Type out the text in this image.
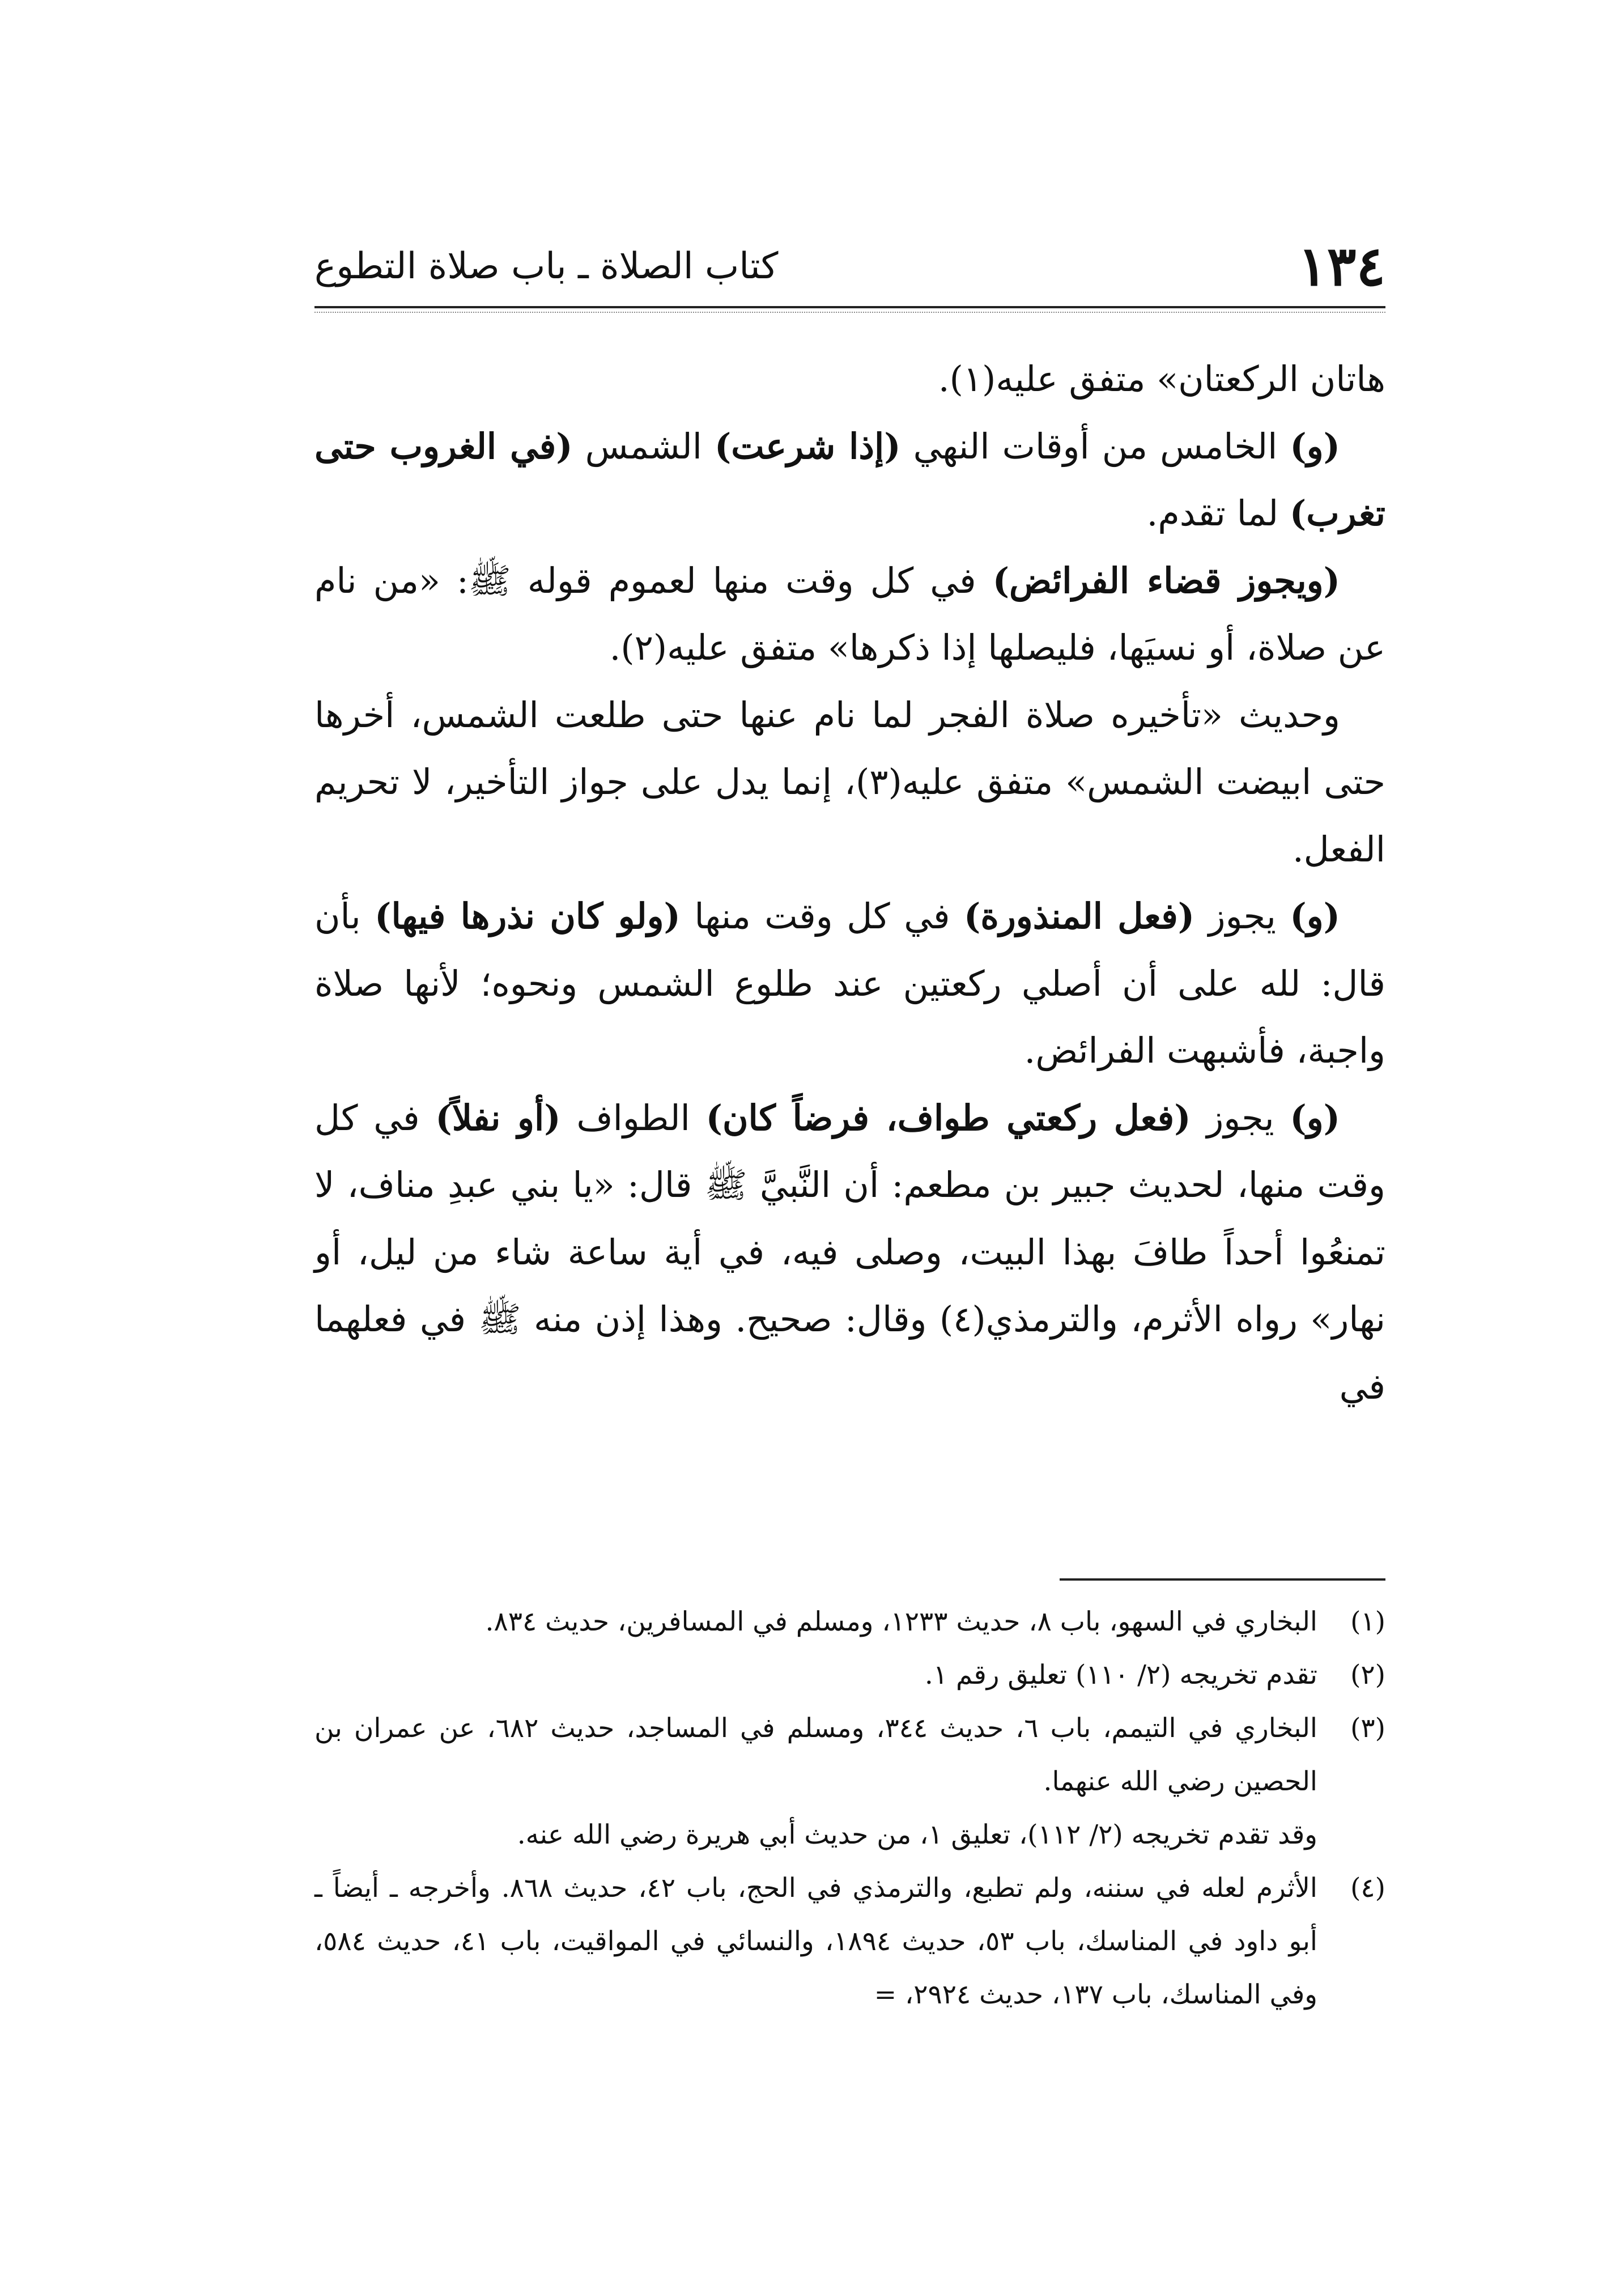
١٣٤
كتاب الصلاة ـ باب صلاة التطوع

هاتان الركعتان» متفق عليه(١).

(و) الخامس من أوقات النهي (إذا شرعت) الشمس (في الغروب حتى تغرب) لما تقدم.

(ويجوز قضاء الفرائض) في كل وقت منها لعموم قوله ﷺ: «من نام عن صلاة، أو نسيَها، فليصلها إذا ذكرها» متفق عليه(٢).

وحديث «تأخيره صلاة الفجر لما نام عنها حتى طلعت الشمس، أخرها حتى ابيضت الشمس» متفق عليه(٣)، إنما يدل على جواز التأخير، لا تحريم الفعل.

(و) يجوز (فعل المنذورة) في كل وقت منها (ولو كان نذرها فيها) بأن قال: لله على أن أصلي ركعتين عند طلوع الشمس ونحوه؛ لأنها صلاة واجبة، فأشبهت الفرائض.

(و) يجوز (فعل ركعتي طواف، فرضاً كان) الطواف (أو نفلاً) في كل وقت منها، لحديث جبير بن مطعم: أن النَّبيَّ ﷺ قال: «يا بني عبدِ مناف، لا تمنعُوا أحداً طافَ بهذا البيت، وصلى فيه، في أية ساعة شاء من ليل، أو نهار» رواه الأثرم، والترمذي(٤) وقال: صحيح. وهذا إذن منه ﷺ في فعلهما في

(١)
البخاري في السهو، باب ٨، حديث ١٢٣٣، ومسلم في المسافرين، حديث ٨٣٤.
(٢)
تقدم تخريجه (٢/ ١١٠) تعليق رقم ١.
(٣)
البخاري في التيمم، باب ٦، حديث ٣٤٤، ومسلم في المساجد، حديث ٦٨٢، عن عمران بن الحصين رضي الله عنهما.
وقد تقدم تخريجه (٢/ ١١٢)، تعليق ١، من حديث أبي هريرة رضي الله عنه.
(٤)
الأثرم لعله في سننه، ولم تطبع، والترمذي في الحج، باب ٤٢، حديث ٨٦٨. وأخرجه ـ أيضاً ـ أبو داود في المناسك، باب ٥٣، حديث ١٨٩٤، والنسائي في المواقيت، باب ٤١، حديث ٥٨٤، وفي المناسك، باب ١٣٧، حديث ٢٩٢٤، =
